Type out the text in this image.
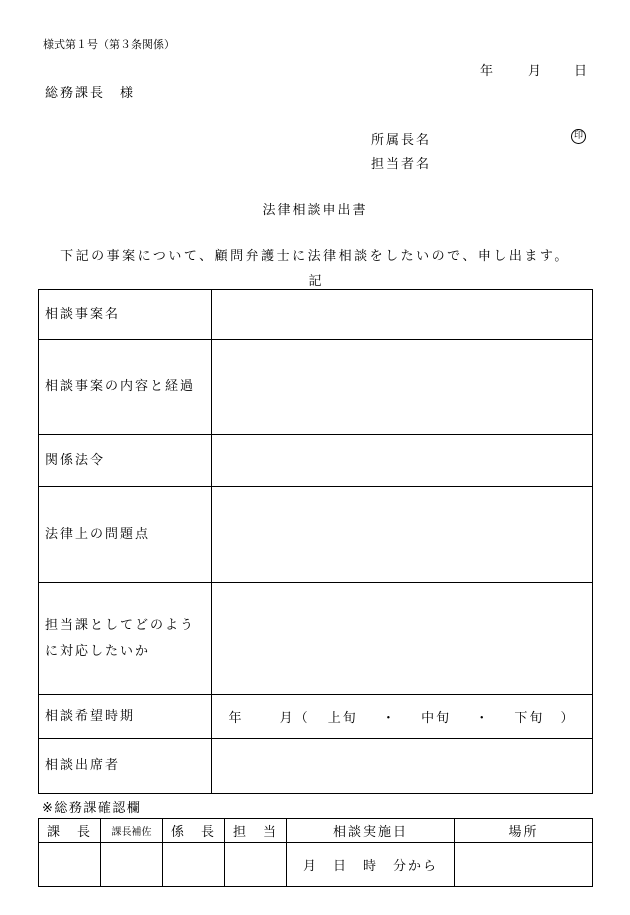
様式第１号（第３条関係）
年	月	日
総務課長　様
所属長名	印
担当者名
法律相談申出書
下記の事案について、顧問弁護士に法律相談をしたいので、申し出ます。
記
相談事案名	
相談事案の内容と経過	
関係法令	
法律上の問題点	

担当課としてどのよう
に対応したいか	

相談希望時期	年 月（ 上旬 ・ 中旬 ・ 下旬 ）
相談出席者	
※総務課確認欄
課　長	課長補佐	係　長	担　当	相談実施日	場所
				月　日　時　分から	
